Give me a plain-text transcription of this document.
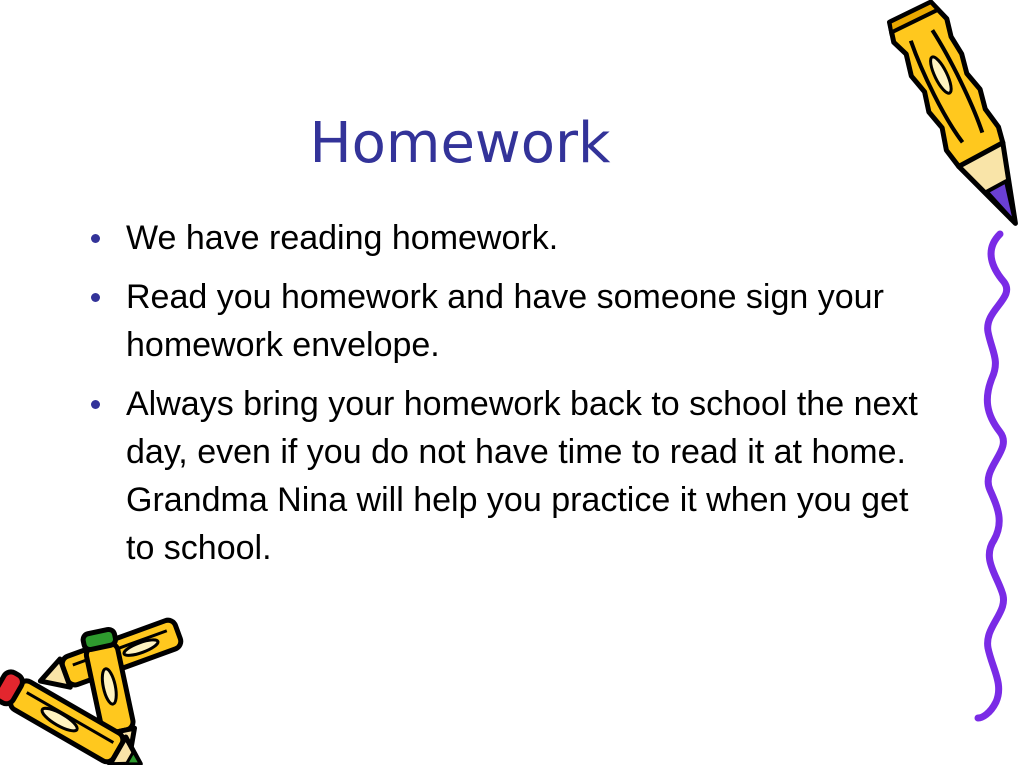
Homework
We have reading homework.
Read you homework and have someone sign your homework envelope.
Always bring your homework back to school the next day, even if you do not have time to read it at home. Grandma Nina will help you practice it when you get to school.
